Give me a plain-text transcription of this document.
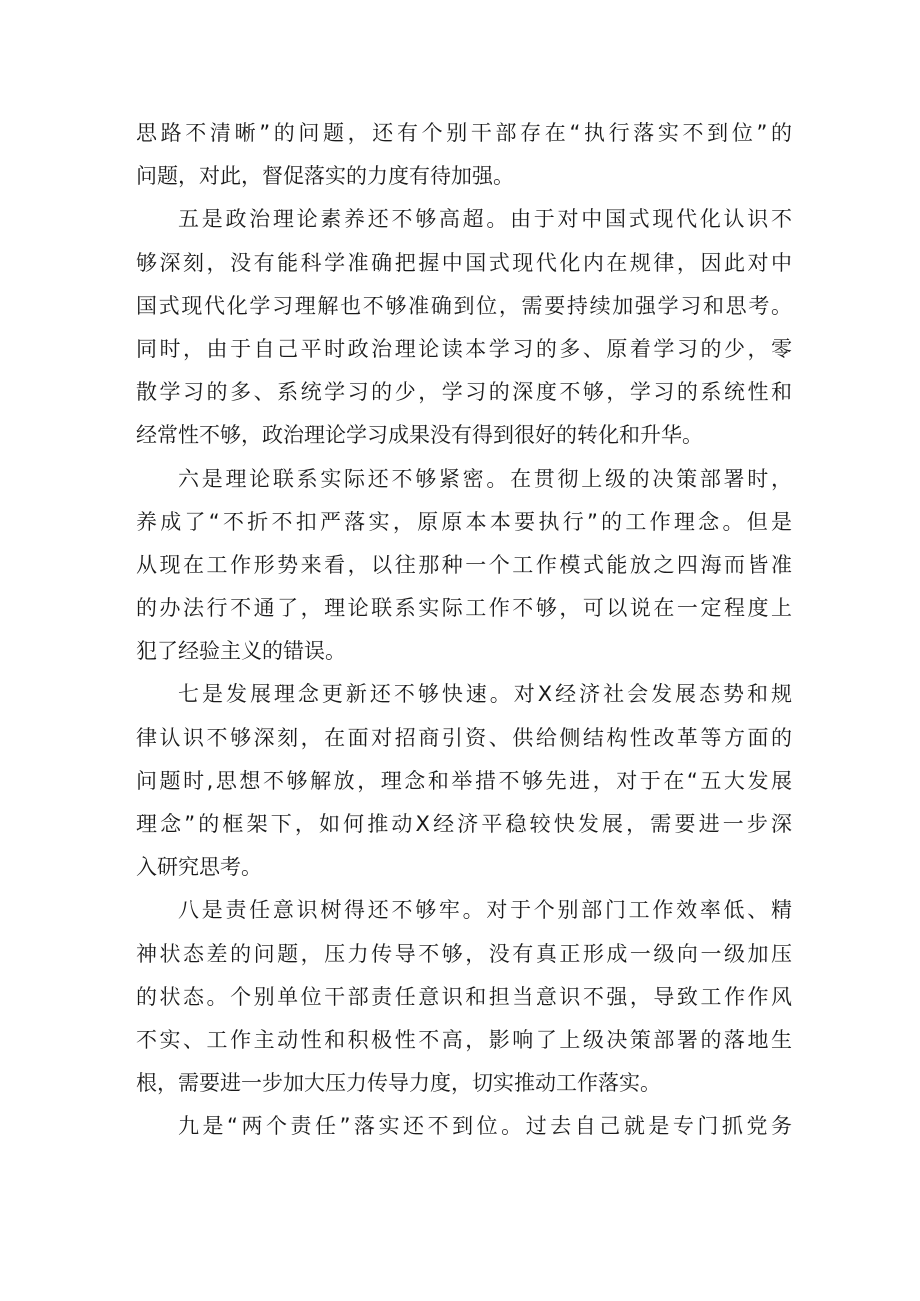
思路不清晰”的问题，还有个别干部存在“执行落实不到位”的
问题，对此，督促落实的力度有待加强。
五是政治理论素养还不够高超。由于对中国式现代化认识不
够深刻，没有能科学准确把握中国式现代化内在规律，因此对中
国式现代化学习理解也不够准确到位，需要持续加强学习和思考。
同时，由于自己平时政治理论读本学习的多、原着学习的少，零
散学习的多、系统学习的少，学习的深度不够，学习的系统性和
经常性不够，政治理论学习成果没有得到很好的转化和升华。
六是理论联系实际还不够紧密。在贯彻上级的决策部署时，
养成了“不折不扣严落实，原原本本要执行”的工作理念。但是
从现在工作形势来看，以往那种一个工作模式能放之四海而皆准
的办法行不通了，理论联系实际工作不够，可以说在一定程度上
犯了经验主义的错误。
七是发展理念更新还不够快速。对X经济社会发展态势和规
律认识不够深刻，在面对招商引资、供给侧结构性改革等方面的
问题时,思想不够解放，理念和举措不够先进，对于在“五大发展
理念”的框架下，如何推动X经济平稳较快发展，需要进一步深
入研究思考。
八是责任意识树得还不够牢。对于个别部门工作效率低、精
神状态差的问题，压力传导不够，没有真正形成一级向一级加压
的状态。个别单位干部责任意识和担当意识不强，导致工作作风
不实、工作主动性和积极性不高，影响了上级决策部署的落地生
根，需要进一步加大压力传导力度，切实推动工作落实。
九是“两个责任”落实还不到位。过去自己就是专门抓党务
